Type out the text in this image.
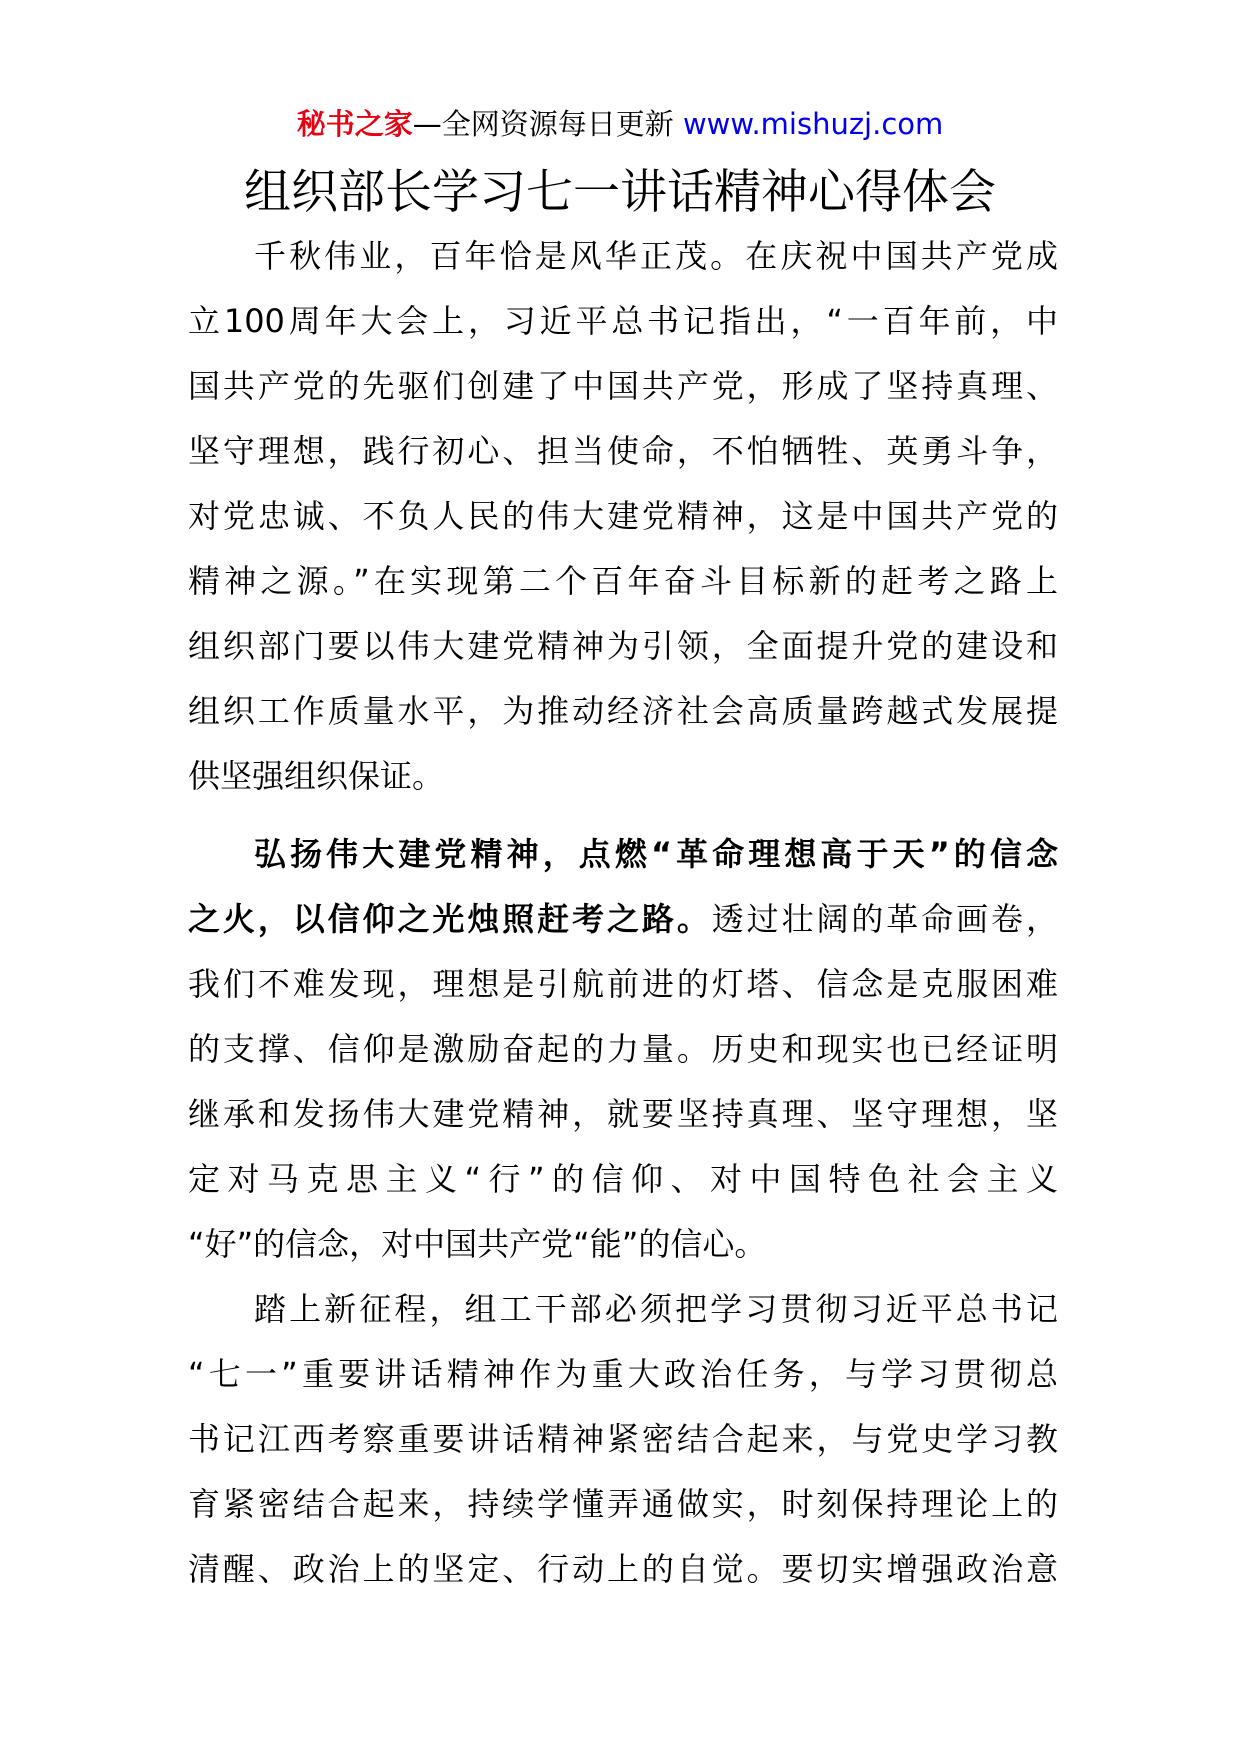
秘书之家—全网资源每日更新 www.mishuzj.com
组织部长学习七一讲话精神心得体会
千秋伟业，百年恰是风华正茂。在庆祝中国共产党成
立100周年大会上，习近平总书记指出，“一百年前，中
国共产党的先驱们创建了中国共产党，形成了坚持真理、
坚守理想，践行初心、担当使命，不怕牺牲、英勇斗争，
对党忠诚、不负人民的伟大建党精神，这是中国共产党的
精神之源。”在实现第二个百年奋斗目标新的赶考之路上
组织部门要以伟大建党精神为引领，全面提升党的建设和
组织工作质量水平，为推动经济社会高质量跨越式发展提
供坚强组织保证。
弘扬伟大建党精神，点燃“革命理想高于天”的信念
之火，以信仰之光烛照赶考之路。透过壮阔的革命画卷，
我们不难发现，理想是引航前进的灯塔、信念是克服困难
的支撑、信仰是激励奋起的力量。历史和现实也已经证明
继承和发扬伟大建党精神，就要坚持真理、坚守理想，坚
定对马克思主义“行”的信仰、对中国特色社会主义
“好”的信念，对中国共产党“能”的信心。
踏上新征程，组工干部必须把学习贯彻习近平总书记
“七一”重要讲话精神作为重大政治任务，与学习贯彻总
书记江西考察重要讲话精神紧密结合起来，与党史学习教
育紧密结合起来，持续学懂弄通做实，时刻保持理论上的
清醒、政治上的坚定、行动上的自觉。要切实增强政治意
